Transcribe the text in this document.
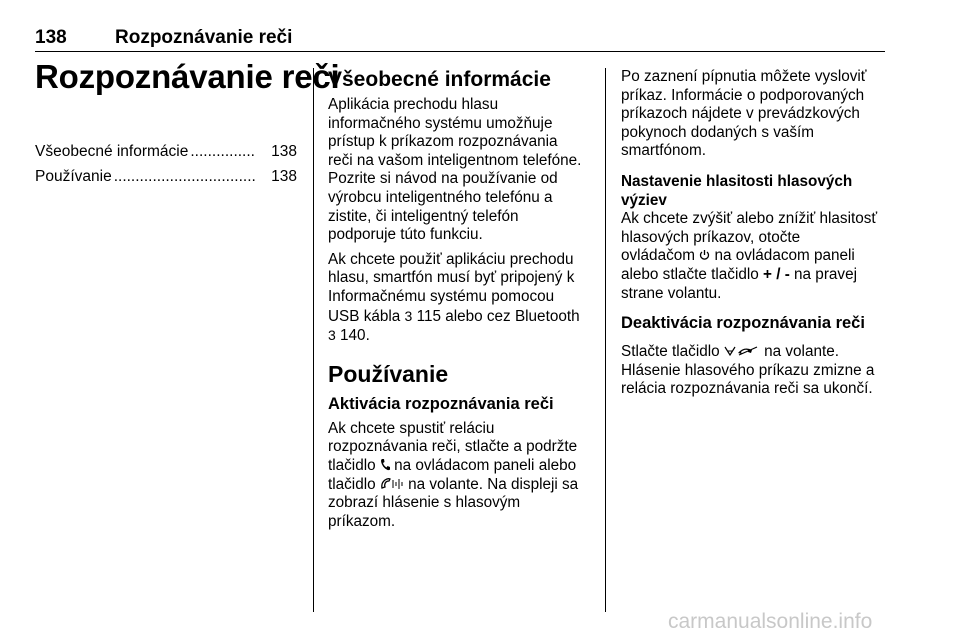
138	Rozpoznávanie reči
Rozpoznávanie reči
Všeobecné informácie ...............	138
Používanie ................................. 138
Všeobecné informácie

Aplikácia prechodu hlasu
informačného systému umožňuje
prístup k príkazom rozpoznávania
reči na vašom inteligentnom telefóne.
Pozrite si návod na používanie od
výrobcu inteligentného telefónu a
zistite, či inteligentný telefón
podporuje túto funkciu.

Ak chcete použiť aplikáciu prechodu
hlasu, smartfón musí byť pripojený k
Informačnému systému pomocou
USB kábla 3 115 alebo cez Bluetooth
3 140.

Používanie
Aktivácia rozpoznávania reči

Ak chcete spustiť reláciu
rozpoznávania reči, stlačte a podržte
tlačidlo na ovládacom paneli alebo
tlačidlo na volante. Na displeji sa
zobrazí hlásenie s hlasovým
príkazom.

Po zaznení pípnutia môžete vysloviť
príkaz. Informácie o podporovaných
príkazoch nájdete v prevádzkových
pokynoch dodaných s vaším
smartfónom.

Nastavenie hlasitosti hlasových
výziev

Ak chcete zvýšiť alebo znížiť hlasitosť
hlasových príkazov, otočte
ovládačom na ovládacom paneli
alebo stlačte tlačidlo + / - na pravej
strane volantu.

Deaktivácia rozpoznávania reči

Stlačte tlačidlo	na volante.
Hlásenie hlasového príkazu zmizne a
relácia rozpoznávania reči sa ukončí.

carmanualsonline.info
